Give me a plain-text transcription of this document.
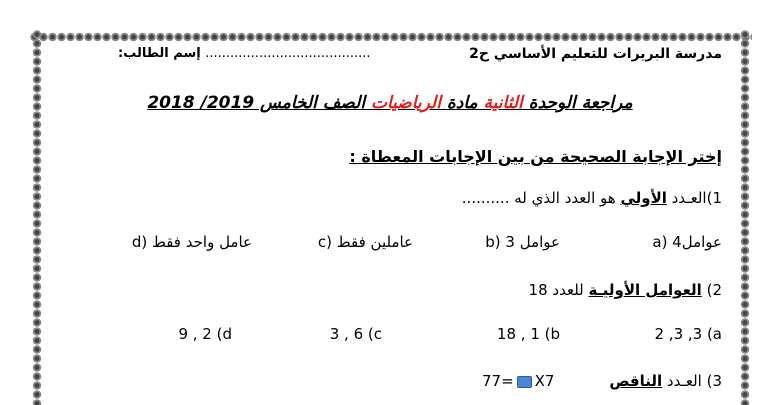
مدرسة البريرات للتعليم الأساسي ح2
........................................ إسم الطالب:
مراجعة الوحدة الثانية مادة الرياضيات الصف الخامس 2019/ 2018
إختر الإجابة الصحيحة من بين الإجابات المعطاة :
1)العـدد الأولي هو العدد الذي له ..........
a) 4عوامل
b) 3 عوامل
c) عاملين فقط
d) عامل واحد فقط
2) العوامل الأوليـة للعدد 18
2 ,3 ,3 (a
18 , 1 (b
3 , 6 (c
9 , 2 (d
3) العـدد الناقص
77= X7
